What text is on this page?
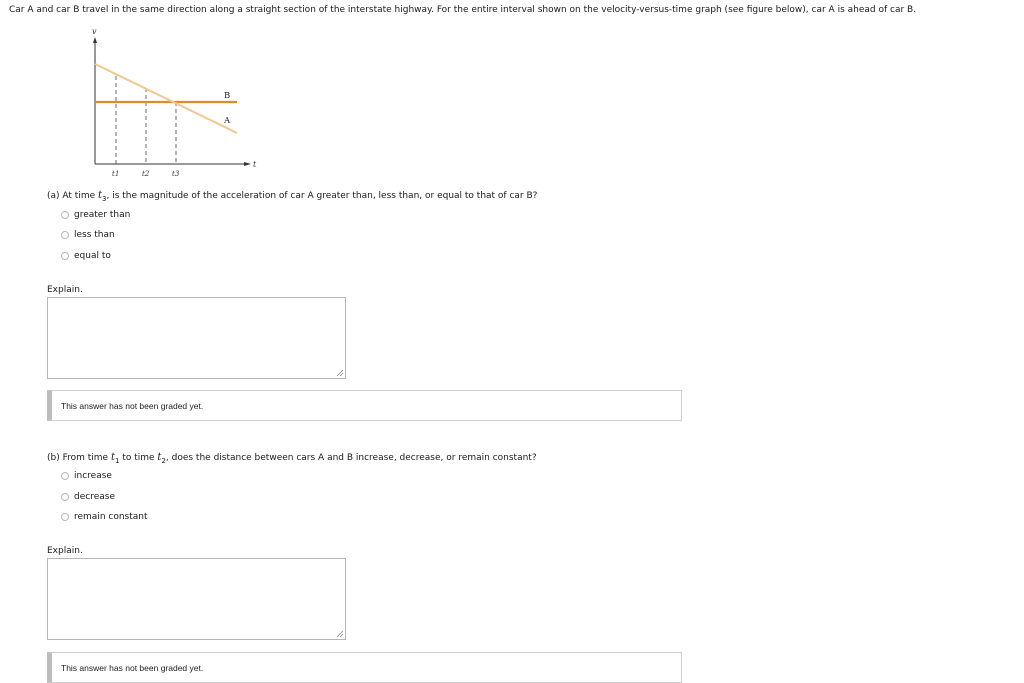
Car A and car B travel in the same direction along a straight section of the interstate highway. For the entire interval shown on the velocity-versus-time graph (see figure below), car A is ahead of car B.
v
t
B
A
t1	t2	t3
(a) At time $t_3$, is the magnitude of the acceleration of car A greater than, less than, or equal to that of car B?
greater than
less than
equal to
Explain.
This answer has not been graded yet.
(b) From time $t_1$ to time $t_2$, does the distance between cars A and B increase, decrease, or remain constant?
increase
decrease
remain constant
Explain.
This answer has not been graded yet.
